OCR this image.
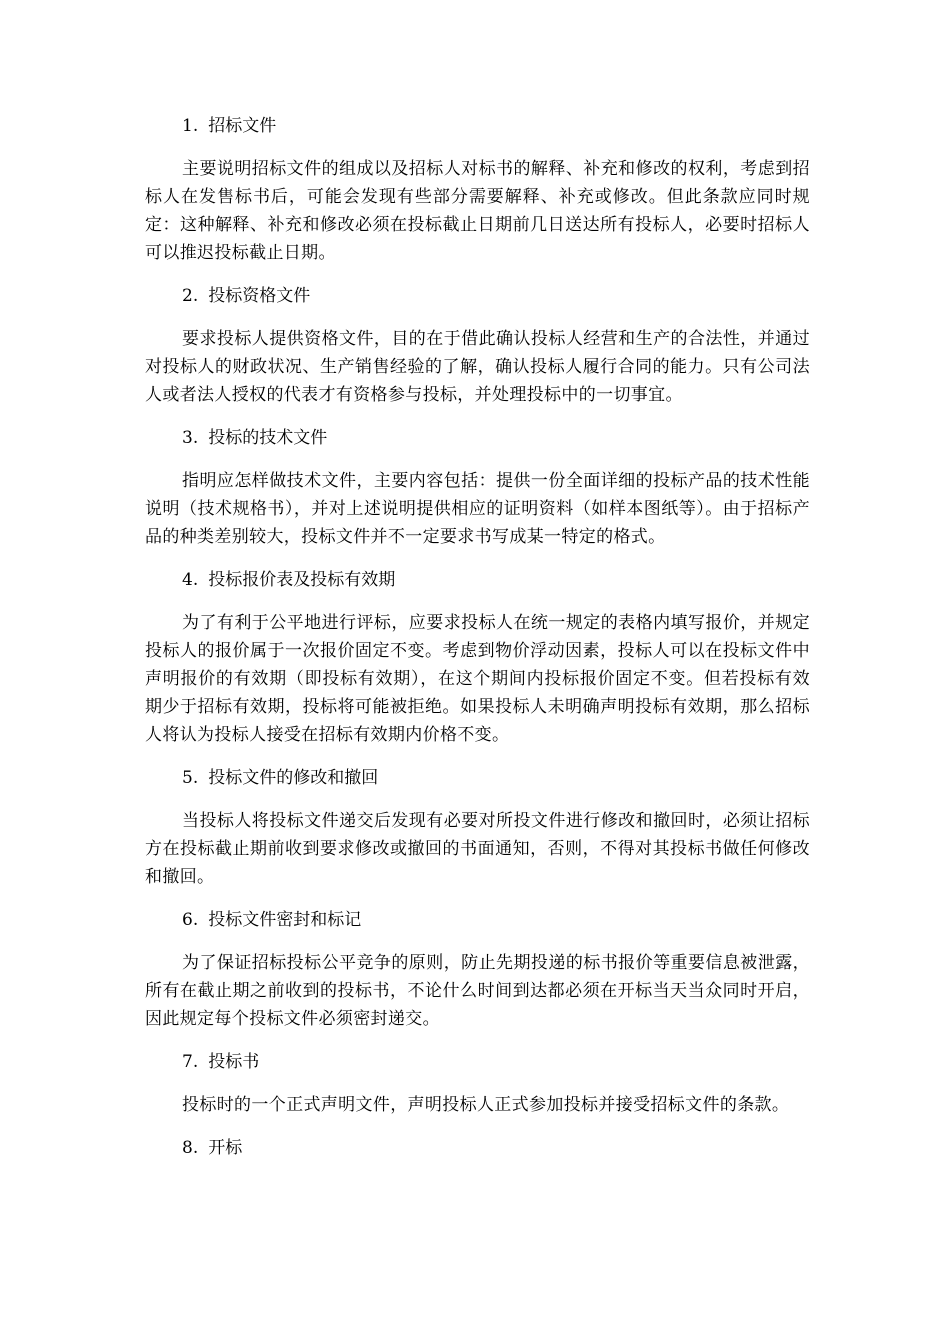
1. 招标文件

主要说明招标文件的组成以及招标人对标书的解释、补充和修改的权利，考虑到招标人在发售标书后，可能会发现有些部分需要解释、补充或修改。但此条款应同时规定：这种解释、补充和修改必须在投标截止日期前几日送达所有投标人，必要时招标人可以推迟投标截止日期。

2. 投标资格文件

要求投标人提供资格文件，目的在于借此确认投标人经营和生产的合法性，并通过对投标人的财政状况、生产销售经验的了解，确认投标人履行合同的能力。只有公司法人或者法人授权的代表才有资格参与投标，并处理投标中的一切事宜。

3. 投标的技术文件

指明应怎样做技术文件，主要内容包括：提供一份全面详细的投标产品的技术性能说明（技术规格书），并对上述说明提供相应的证明资料（如样本图纸等）。由于招标产品的种类差别较大，投标文件并不一定要求书写成某一特定的格式。

4. 投标报价表及投标有效期

为了有利于公平地进行评标，应要求投标人在统一规定的表格内填写报价，并规定投标人的报价属于一次报价固定不变。考虑到物价浮动因素，投标人可以在投标文件中声明报价的有效期（即投标有效期），在这个期间内投标报价固定不变。但若投标有效期少于招标有效期，投标将可能被拒绝。如果投标人未明确声明投标有效期，那么招标人将认为投标人接受在招标有效期内价格不变。

5. 投标文件的修改和撤回

当投标人将投标文件递交后发现有必要对所投文件进行修改和撤回时，必须让招标方在投标截止期前收到要求修改或撤回的书面通知，否则，不得对其投标书做任何修改和撤回。

6. 投标文件密封和标记

为了保证招标投标公平竞争的原则，防止先期投递的标书报价等重要信息被泄露，所有在截止期之前收到的投标书，不论什么时间到达都必须在开标当天当众同时开启，因此规定每个投标文件必须密封递交。

7. 投标书

投标时的一个正式声明文件，声明投标人正式参加投标并接受招标文件的条款。

8. 开标
